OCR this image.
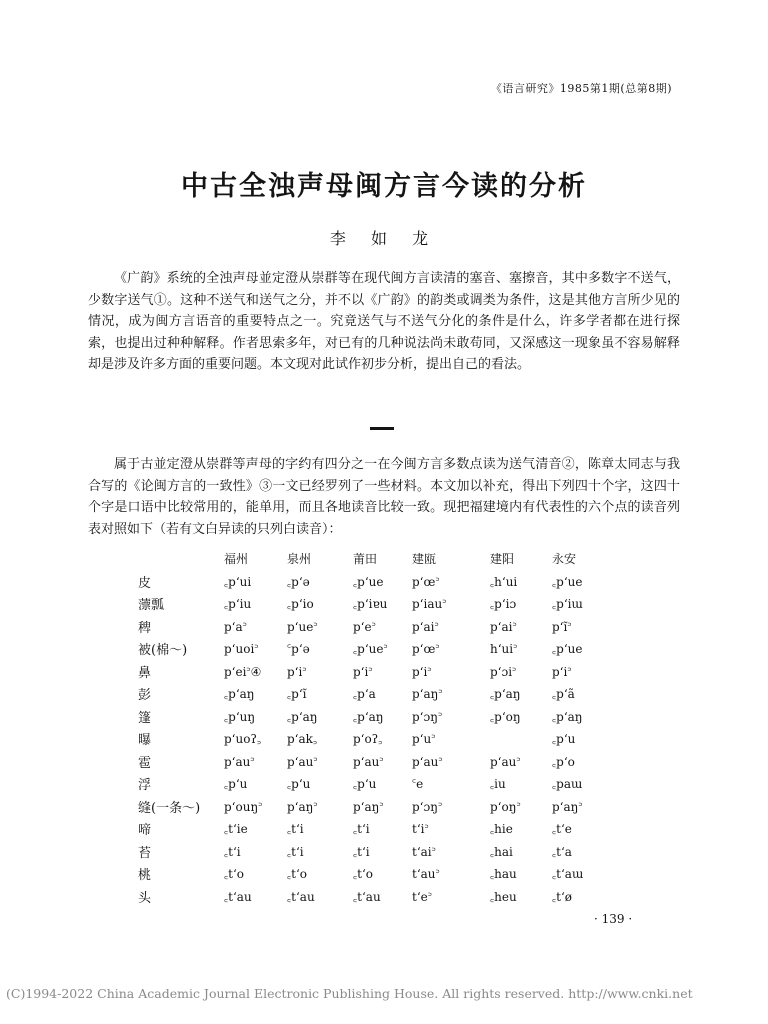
《语言研究》1985第1期(总第8期)
中古全浊声母闽方言今读的分析
李 如 龙

《广韵》系统的全浊声母並定澄从崇群等在现代闽方言读清的塞音、塞擦音，其中多数字不送气，少数字送气①。这种不送气和送气之分，并不以《广韵》的韵类或调类为条件，这是其他方言所少见的情况，成为闽方言语音的重要特点之一。究竟送气与不送气分化的条件是什么，许多学者都在进行探索，也提出过种种解释。作者思索多年，对已有的几种说法尚未敢苟同，又深感这一现象虽不容易解释却是涉及许多方面的重要问题。本文现对此试作初步分析，提出自己的看法。

属于古並定澄从崇群等声母的字约有四分之一在今闽方言多数点读为送气清音②，陈章太同志与我合写的《论闽方言的一致性》③一文已经罗列了一些材料。本文加以补充，得出下列四十个字，这四十个字是口语中比较常用的，能单用，而且各地读音比较一致。现把福建境内有代表性的六个点的读音列表对照如下（若有文白异读的只列白读音）：

	福州	泉州	莆田	建瓯	建阳	永安
皮	꜀pʻui	꜀pʻə	꜀pʻue	pʻœ꜄	꜀hʻui	꜀pʻue
薸瓢	꜀pʻiu	꜀pʻio	꜀pʻiɐu	pʻiau꜄	꜀pʻiɔ	꜀pʻiɯ
稗	pʻa꜄	pʻue꜄	pʻe꜄	pʻai꜄	pʻai꜄	pʻĩ꜄
被(棉～)	pʻuoi꜄	꜂pʻə	꜀pʻue꜄	pʻœ꜄	hʻui꜄	꜀pʻue
鼻	pʻei꜄④	pʻi꜄	pʻi꜄	pʻi꜄	pʻɔi꜄	pʻi꜄
彭	꜀pʻaŋ	꜀pʻĩ	꜀pʻa	pʻaŋ꜄	꜀pʻaŋ	꜀pʻã
篷	꜀pʻuŋ	꜀pʻaŋ	꜀pʻaŋ	pʻɔŋ꜄	꜀pʻoŋ	꜀pʻaŋ
曝	pʻuoʔ꜆	pʻak꜆	pʻoʔ꜆	pʻu꜄		꜀pʻu
雹	pʻau꜄	pʻau꜄	pʻau꜄	pʻau꜄	pʻau꜄	꜀pʻo
浮	꜀pʻu	꜀pʻu	꜀pʻu	꜂e	꜀iu	꜀paɯ
缝(一条～)	pʻouŋ꜄	pʻaŋ꜄	pʻaŋ꜄	pʻɔŋ꜄	pʻoŋ꜄	pʻaŋ꜄
啼	꜀tʻie	꜀tʻi	꜀tʻi	tʻi꜄	꜀hie	꜀tʻe
苔	꜀tʻi	꜀tʻi	꜀tʻi	tʻai꜄	꜀hai	꜀tʻa
桃	꜀tʻo	꜀tʻo	꜀tʻo	tʻau꜄	꜀hau	꜀tʻaɯ
头	꜀tʻau	꜀tʻau	꜀tʻau	tʻe꜄	꜀heu	꜀tʻø
· 139 ·
(C)1994-2022 China Academic Journal Electronic Publishing House. All rights reserved. http://www.cnki.net
